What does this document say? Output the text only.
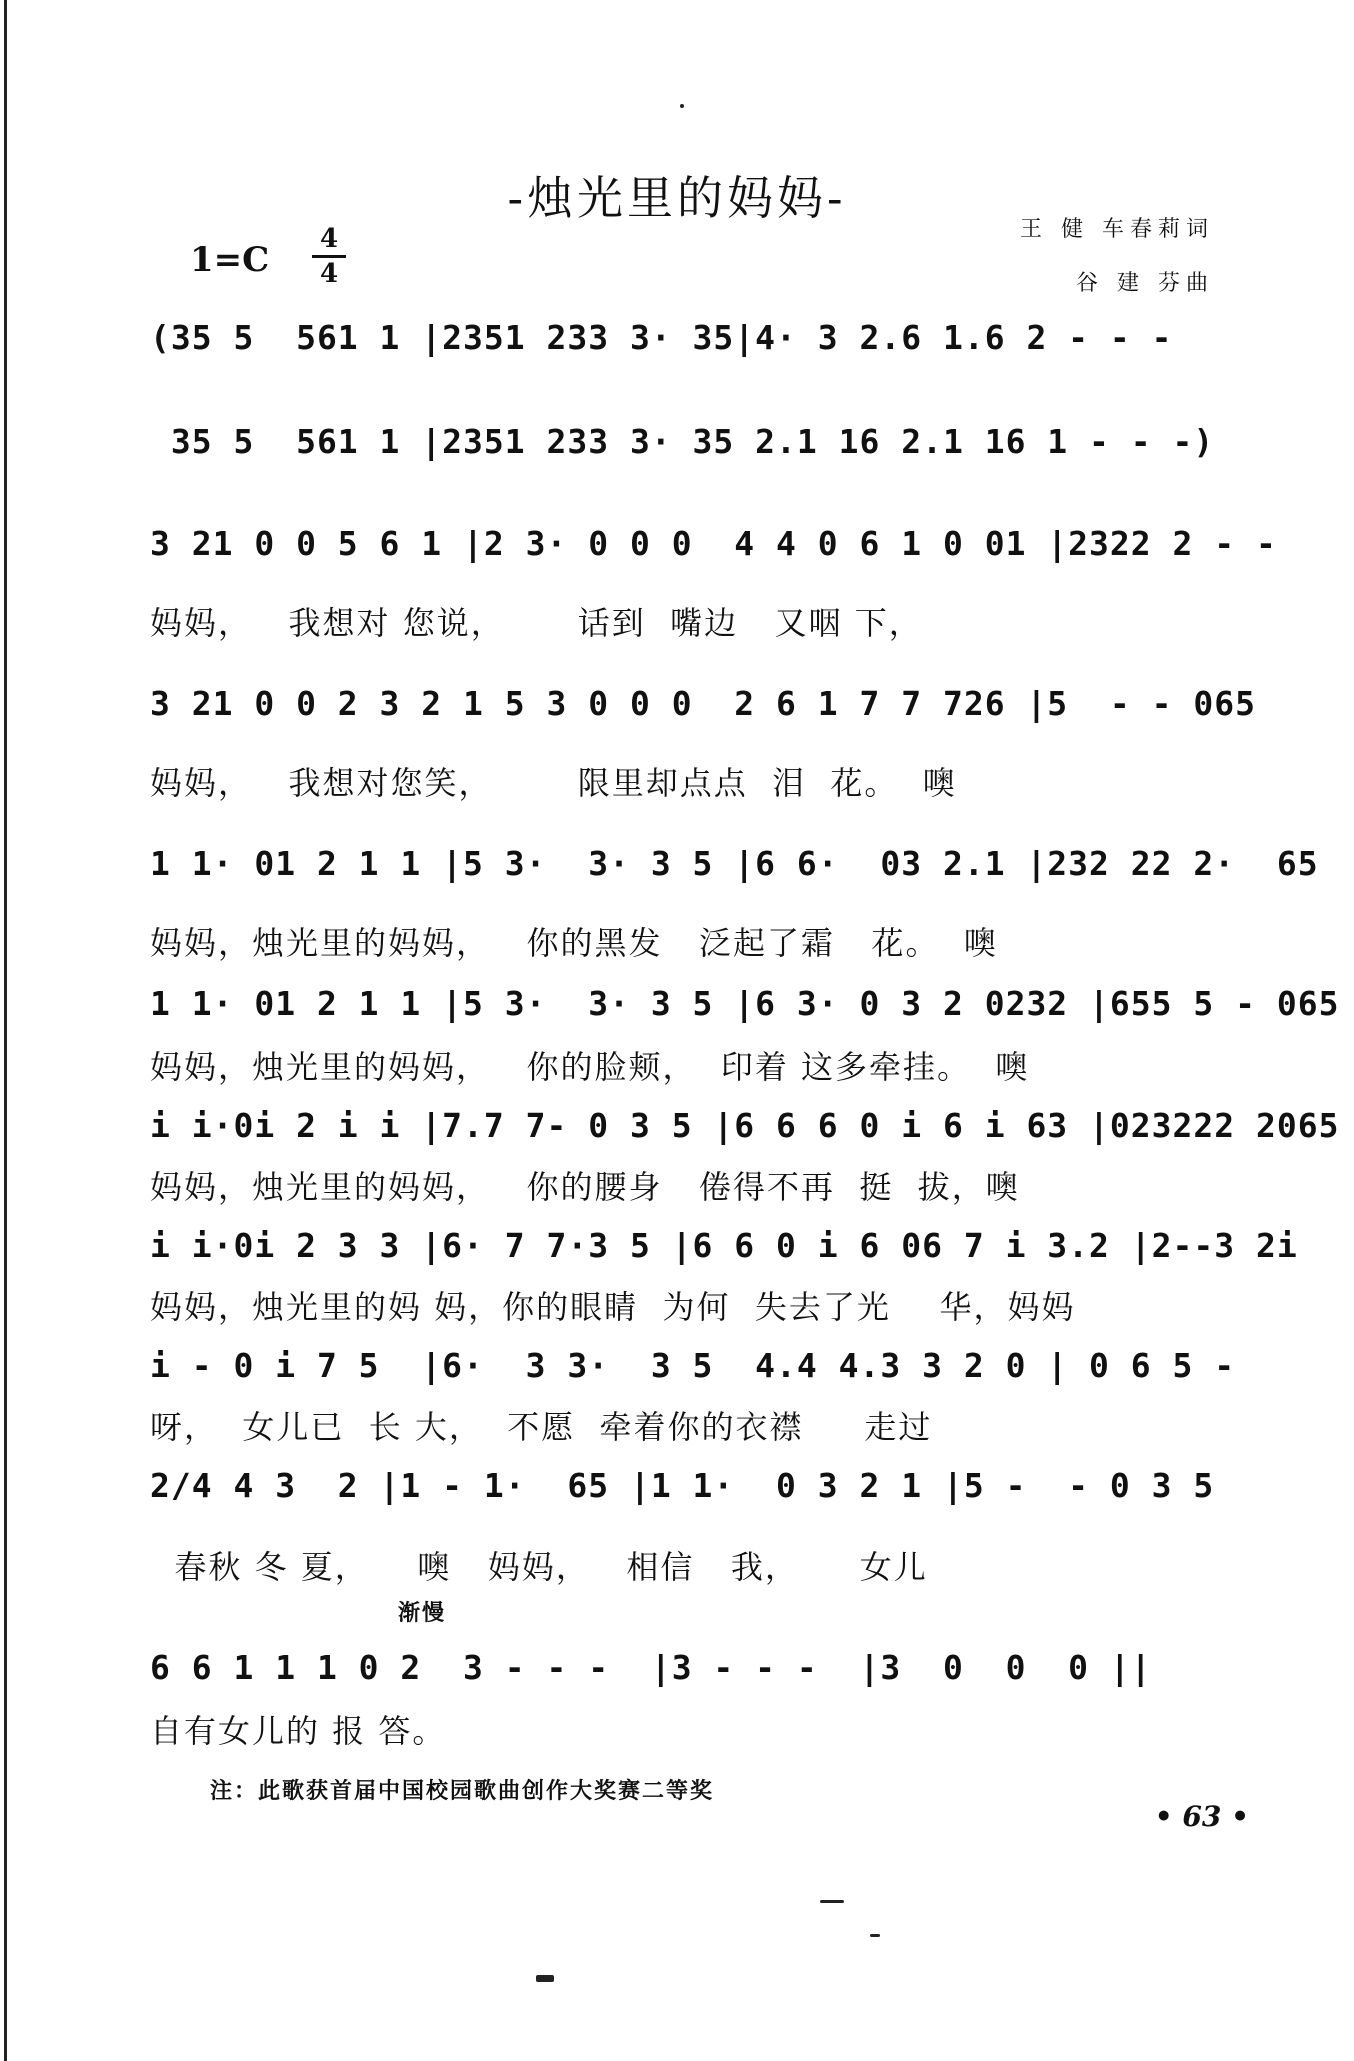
-烛光里的妈妈-
1=C
4
4
王 健 车春莉词
谷 建 芬曲
(35 5  561 1 |2351 233 3· 35|4· 3 2.6 1.6 2 - - -
35 5  561 1 |2351 233 3· 35 2.1 16 2.1 16 1 - - -)
3 21 0 0 5 6 1 |2 3· 0 0 0  4 4 0 6 1 0 01 |2322 2 - -
妈妈，   我想对 您说，      话到  嘴边   又咽 下，
3 21 0 0 2 3 2 1 5 3 0 0 0  2 6 1 7 7 726 |5  - - 065
妈妈，   我想对您笑，       限里却点点  泪  花。  噢
1 1· 01 2 1 1 |5 3·  3· 3 5 |6 6·  03 2.1 |232 22 2·  65
妈妈，烛光里的妈妈，   你的黑发   泛起了霜   花。  噢
1 1· 01 2 1 1 |5 3·  3· 3 5 |6 3· 0 3 2 0232 |655 5 - 065
妈妈，烛光里的妈妈，   你的脸颊，  印着 这多牵挂。  噢
i i·0i 2 i i |7.7 7- 0 3 5 |6 6 6 0 i 6 i 63 |023222 2065
妈妈，烛光里的妈妈，   你的腰身   倦得不再  挺  拔，噢
i i·0i 2 3 3 |6· 7 7·3 5 |6 6 0 i 6 06 7 i 3.2 |2--3 2i
妈妈，烛光里的妈 妈，你的眼睛  为何  失去了光    华，妈妈
i - 0 i 7 5  |6·  3 3·  3 5  4.4 4.3 3 2 0 | 0 6 5 -
呀，  女儿已  长 大，  不愿  牵着你的衣襟     走过
2/4 4 3  2 |1 - 1·  65 |1 1·  0 3 2 1 |5 -  - 0 3 5
春秋 冬 夏，    噢   妈妈，   相信   我，     女儿
渐慢
6 6 1 1 1 0 2  3 - - -  |3 - - -  |3  0  0  0 ||
自有女儿的 报 答。
注：此歌获首届中国校园歌曲创作大奖赛二等奖
• 63 •
